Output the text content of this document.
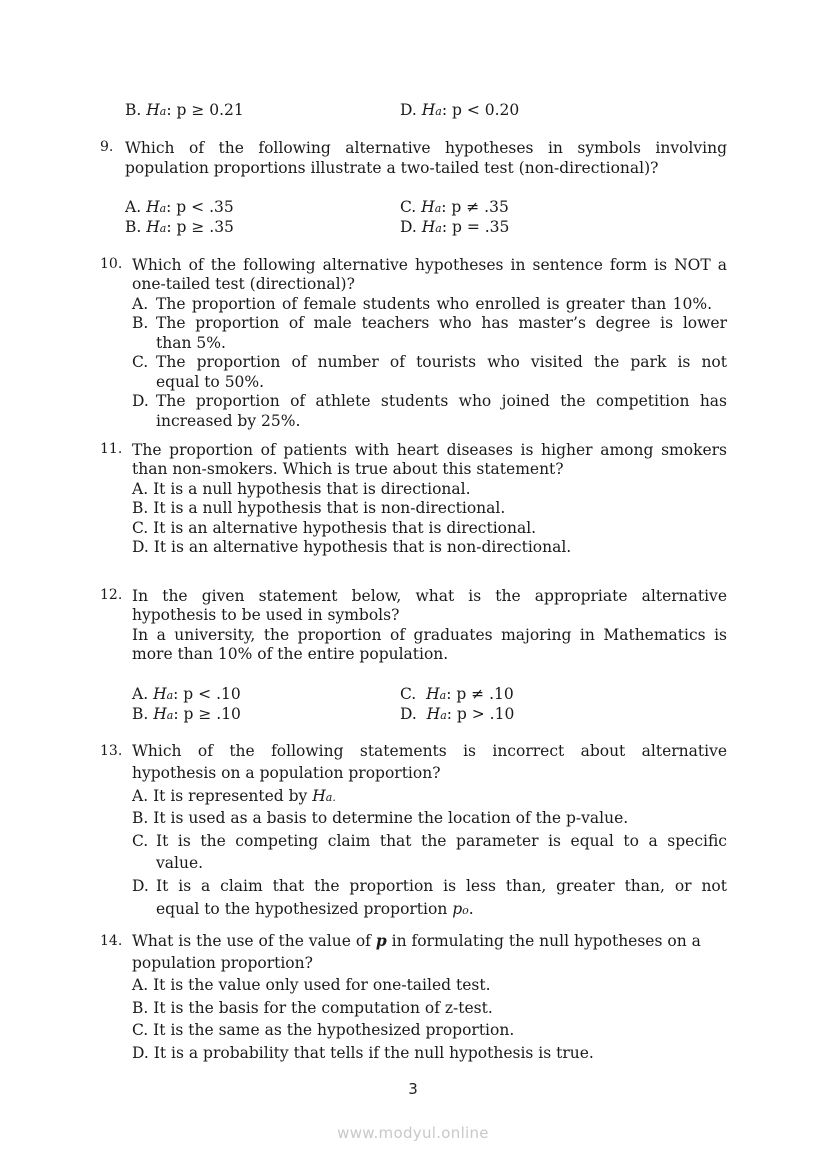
B. Ha: p ≥ 0.21	D. Ha: p < 0.20
9. Which of the following alternative hypotheses in symbols involving
population proportions illustrate a two-tailed test (non-directional)?
A. Ha: p < .35
B. Ha: p ≥ .35
C. Ha: p ≠ .35
D. Ha: p = .35
10. Which of the following alternative hypotheses in sentence form is NOT a
one-tailed test (directional)?
A. The proportion of female students who enrolled is greater than 10%.
B. The proportion of male teachers who has master’s degree is lower
than 5%.
C. The proportion of number of tourists who visited the park is not
equal to 50%.
D. The proportion of athlete students who joined the competition has
increased by 25%.
11. The proportion of patients with heart diseases is higher among smokers
than non-smokers. Which is true about this statement?
A. It is a null hypothesis that is directional.
B. It is a null hypothesis that is non-directional.
C. It is an alternative hypothesis that is directional.
D. It is an alternative hypothesis that is non-directional.
12. In the given statement below, what is the appropriate alternative
hypothesis to be used in symbols?
In a university, the proportion of graduates majoring in Mathematics is
more than 10% of the entire population.
A. Ha: p < .10
B. Ha: p ≥ .10
C. Ha: p ≠ .10
D. Ha: p > .10
13. Which of the following statements is incorrect about alternative
hypothesis on a population proportion?
A. It is represented by Ha.
B. It is used as a basis to determine the location of the p-value.
C. It is the competing claim that the parameter is equal to a specific
value.
D. It is a claim that the proportion is less than, greater than, or not
equal to the hypothesized proportion po.
14. What is the use of the value of p in formulating the null hypotheses on a
population proportion?
A. It is the value only used for one-tailed test.
B. It is the basis for the computation of z-test.
C. It is the same as the hypothesized proportion.
D. It is a probability that tells if the null hypothesis is true.
3
www.modyul.online
